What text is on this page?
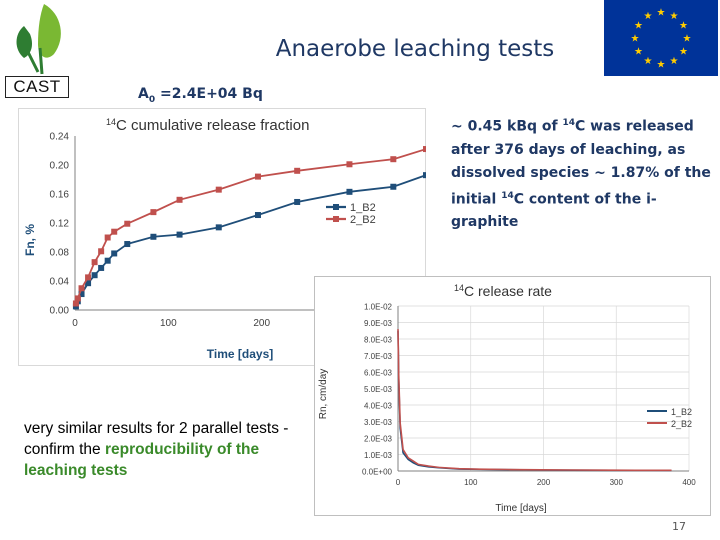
CAST
Anaerobe leaching tests
★ ★
★
★
★
★
★
★
★
★
★
★
$A_0 =2.4E+04$ Bq
~ 0.45 kBq of $^{14}$C was released after 376 days of leaching, as dissolved species ~ 1.87% of the initial $^{14}$C content of the i-graphite
$^{14}$C cumulative release fraction
Fn, %
Time [days]
0.00
0.04
0.08
0.12
0.16
0.20
0.24
0	100	200
1_B2
2_B2
$^{14}$C release rate
Rn, cm/day
Time [days]
0.0E+00
1.0E-03
2.0E-03
3.0E-03
4.0E-03
5.0E-03
6.0E-03
7.0E-03
8.0E-03
9.0E-03
1.0E-02
0	100	200	300	400
1_B2
2_B2
very similar results for 2 parallel tests - confirm the reproducibility of the leaching tests
17
